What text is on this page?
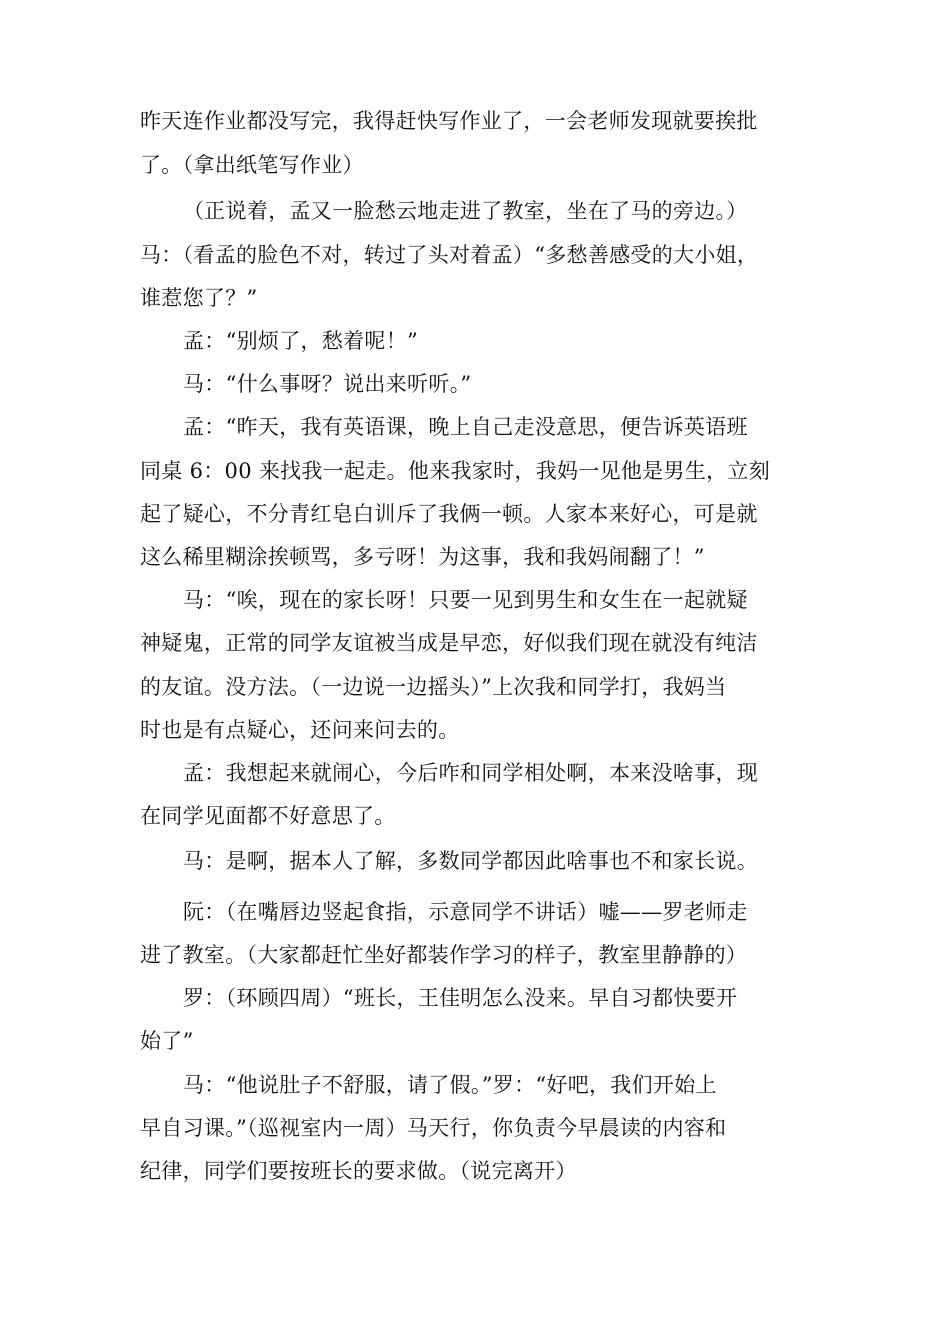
昨天连作业都没写完，我得赶快写作业了，一会老师发现就要挨批

了。（拿出纸笔写作业）

（正说着，孟又一脸愁云地走进了教室，坐在了马的旁边。）

马：（看孟的脸色不对，转过了头对着孟）“多愁善感受的大小姐，

谁惹您了？”

孟：“别烦了，愁着呢！”

马：“什么事呀？说出来听听。”

孟：“昨天，我有英语课，晚上自己走没意思，便告诉英语班

同桌 6：00 来找我一起走。他来我家时，我妈一见他是男生，立刻

起了疑心，不分青红皂白训斥了我俩一顿。人家本来好心，可是就

这么稀里糊涂挨顿骂，多亏呀！为这事，我和我妈闹翻了！”

马：“唉，现在的家长呀！只要一见到男生和女生在一起就疑

神疑鬼，正常的同学友谊被当成是早恋，好似我们现在就没有纯洁

的友谊。没方法。（一边说一边摇头）”上次我和同学打，我妈当

时也是有点疑心，还问来问去的。

孟：我想起来就闹心，今后咋和同学相处啊，本来没啥事，现

在同学见面都不好意思了。

马：是啊，据本人了解，多数同学都因此啥事也不和家长说。

阮：（在嘴唇边竖起食指，示意同学不讲话）嘘——罗老师走

进了教室。（大家都赶忙坐好都装作学习的样子，教室里静静的）

罗：（环顾四周）“班长，王佳明怎么没来。早自习都快要开

始了”

马：“他说肚子不舒服，请了假。”罗：“好吧，我们开始上

早自习课。”（巡视室内一周）马天行，你负责今早晨读的内容和

纪律，同学们要按班长的要求做。（说完离开）
